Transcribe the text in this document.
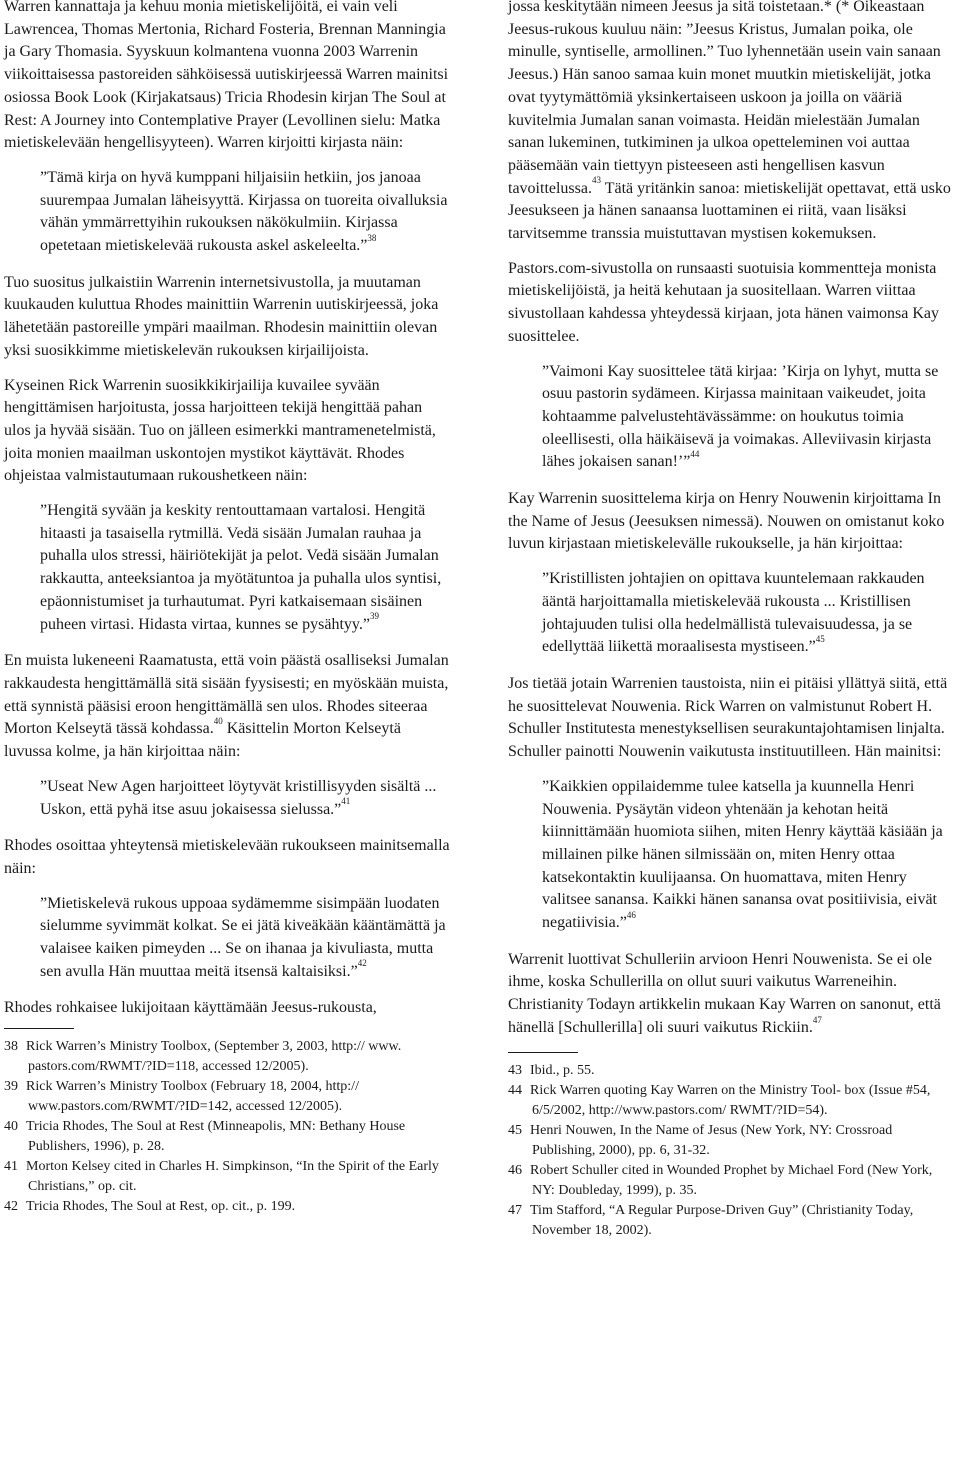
Warren kannattaja ja kehuu monia mietiskelijöitä, ei vain veli Lawrencea, Thomas Mertonia, Richard Fosteria, Brennan Manningia ja Gary Thomasia. Syyskuun kolmantena vuonna 2003 Warrenin viikoittaisessa pastoreiden sähköisessä uutiskirjeessä Warren mainitsi osiossa Book Look (Kirjakatsaus) Tricia Rhodesin kirjan The Soul at Rest: A Journey into Contemplative Prayer (Levollinen sielu: Matka mietiskelevään hengellisyyteen). Warren kirjoitti kirjasta näin:

”Tämä kirja on hyvä kumppani hiljaisiin hetkiin, jos janoaa suurempaa Jumalan läheisyyttä. Kirjassa on tuoreita oivalluksia vähän ymmärrettyihin rukouksen näkökulmiin. Kirjassa opetetaan mietiskelevää rukousta askel askeleelta.”$^{38}$

Tuo suositus julkaistiin Warrenin internetsivustolla, ja muutaman kuukauden kuluttua Rhodes mainittiin Warrenin uutiskirjeessä, joka lähetetään pastoreille ympäri maailman. Rhodesin mainittiin olevan yksi suosikkimme mietiskelevän rukouksen kirjailijoista.

Kyseinen Rick Warrenin suosikkikirjailija kuvailee syvään hengittämisen harjoitusta, jossa harjoitteen tekijä hengittää pahan ulos ja hyvää sisään. Tuo on jälleen esimerkki mantramenetelmistä, joita monien maailman uskontojen mystikot käyttävät. Rhodes ohjeistaa valmistautumaan rukoushetkeen näin:

”Hengitä syvään ja keskity rentouttamaan vartalosi. Hengitä hitaasti ja tasaisella rytmillä. Vedä sisään Jumalan rauhaa ja puhalla ulos stressi, häiriötekijät ja pelot. Vedä sisään Jumalan rakkautta, anteeksiantoa ja myötätuntoa ja puhalla ulos syntisi, epäonnistumiset ja turhautumat. Pyri katkaisemaan sisäinen puheen virtasi. Hidasta virtaa, kunnes se pysähtyy.”$^{39}$

En muista lukeneeni Raamatusta, että voin päästä osalliseksi Jumalan rakkaudesta hengittämällä sitä sisään fyysisesti; en myöskään muista, että synnistä pääsisi eroon hengittämällä sen ulos. Rhodes siteeraa Morton Kelseytä tässä kohdassa.$^{40}$ Käsittelin Morton Kelseytä luvussa kolme, ja hän kirjoittaa näin:

”Useat New Agen harjoitteet löytyvät kristillisyyden sisältä ... Uskon, että pyhä itse asuu jokaisessa sielussa.”$^{41}$

Rhodes osoittaa yhteytensä mietiskelevään rukoukseen mainitsemalla näin:

”Mietiskelevä rukous uppoaa sydämemme sisimpään luodaten sielumme syvimmät kolkat. Se ei jätä kiveäkään kääntämättä ja valaisee kaiken pimeyden ... Se on ihanaa ja kivuliasta, mutta sen avulla Hän muuttaa meitä itsensä kaltaisiksi.”$^{42}$

Rhodes rohkaisee lukijoitaan käyttämään Jeesus-rukousta,

38 Rick Warren’s Ministry Toolbox, (September 3, 2003, http:// www. pastors.com/RWMT/?ID=118, accessed 12/2005).

39 Rick Warren’s Ministry Toolbox (February 18, 2004, http:// www.pastors.com/RWMT/?ID=142, accessed 12/2005).

40 Tricia Rhodes, The Soul at Rest (Minneapolis, MN: Bethany House Publishers, 1996), p. 28.

41 Morton Kelsey cited in Charles H. Simpkinson, “In the Spirit of the Early Christians,” op. cit.

42 Tricia Rhodes, The Soul at Rest, op. cit., p. 199.

jossa keskitytään nimeen Jeesus ja sitä toistetaan.* (* Oikeastaan Jeesus-rukous kuuluu näin: ”Jeesus Kristus, Jumalan poika, ole minulle, syntiselle, armollinen.” Tuo lyhennetään usein vain sanaan Jeesus.) Hän sanoo samaa kuin monet muutkin mietiskelijät, jotka ovat tyytymättömiä yksinkertaiseen uskoon ja joilla on vääriä kuvitelmia Jumalan sanan voimasta. Heidän mielestään Jumalan sanan lukeminen, tutkiminen ja ulkoa opetteleminen voi auttaa pääsemään vain tiettyyn pisteeseen asti hengellisen kasvun tavoittelussa.$^{43}$ Tätä yritänkin sanoa: mietiskelijät opettavat, että usko Jeesukseen ja hänen sanaansa luottaminen ei riitä, vaan lisäksi tarvitsemme transsia muistuttavan mystisen kokemuksen.

Pastors.com-sivustolla on runsaasti suotuisia kommentteja monista mietiskelijöistä, ja heitä kehutaan ja suositellaan. Warren viittaa sivustollaan kahdessa yhteydessä kirjaan, jota hänen vaimonsa Kay suosittelee.

”Vaimoni Kay suosittelee tätä kirjaa: ’Kirja on lyhyt, mutta se osuu pastorin sydämeen. Kirjassa mainitaan vaikeudet, joita kohtaamme palvelustehtävässämme: on houkutus toimia oleellisesti, olla häikäisevä ja voimakas. Alleviivasin kirjasta lähes jokaisen sanan!’”$^{44}$

Kay Warrenin suosittelema kirja on Henry Nouwenin kirjoittama In the Name of Jesus (Jeesuksen nimessä). Nouwen on omistanut koko luvun kirjastaan mietiskelevälle rukoukselle, ja hän kirjoittaa:

”Kristillisten johtajien on opittava kuuntelemaan rakkauden ääntä harjoittamalla mietiskelevää rukousta ... Kristillisen johtajuuden tulisi olla hedelmällistä tulevaisuudessa, ja se edellyttää liikettä moraalisesta mystiseen.”$^{45}$

Jos tietää jotain Warrenien taustoista, niin ei pitäisi yllättyä siitä, että he suosittelevat Nouwenia. Rick Warren on valmistunut Robert H. Schuller Institutesta menestyksellisen seurakuntajohtamisen linjalta. Schuller painotti Nouwenin vaikutusta instituutilleen. Hän mainitsi:

”Kaikkien oppilaidemme tulee katsella ja kuunnella Henri Nouwenia. Pysäytän videon yhtenään ja kehotan heitä kiinnittämään huomiota siihen, miten Henry käyttää käsiään ja millainen pilke hänen silmissään on, miten Henry ottaa katsekontaktin kuulijaansa. On huomattava, miten Henry valitsee sanansa. Kaikki hänen sanansa ovat positiivisia, eivät negatiivisia.”$^{46}$

Warrenit luottivat Schulleriin arvioon Henri Nouwenista. Se ei ole ihme, koska Schullerilla on ollut suuri vaikutus Warreneihin. Christianity Todayn artikkelin mukaan Kay Warren on sanonut, että hänellä [Schullerilla] oli suuri vaikutus Rickiin.$^{47}$

43 Ibid., p. 55.

44 Rick Warren quoting Kay Warren on the Ministry Tool- box (Issue #54, 6/5/2002, http://www.pastors.com/ RWMT/?ID=54).

45 Henri Nouwen, In the Name of Jesus (New York, NY: Crossroad Publishing, 2000), pp. 6, 31-32.

46 Robert Schuller cited in Wounded Prophet by Michael Ford (New York, NY: Doubleday, 1999), p. 35.

47 Tim Stafford, “A Regular Purpose-Driven Guy” (Christianity Today, November 18, 2002).
